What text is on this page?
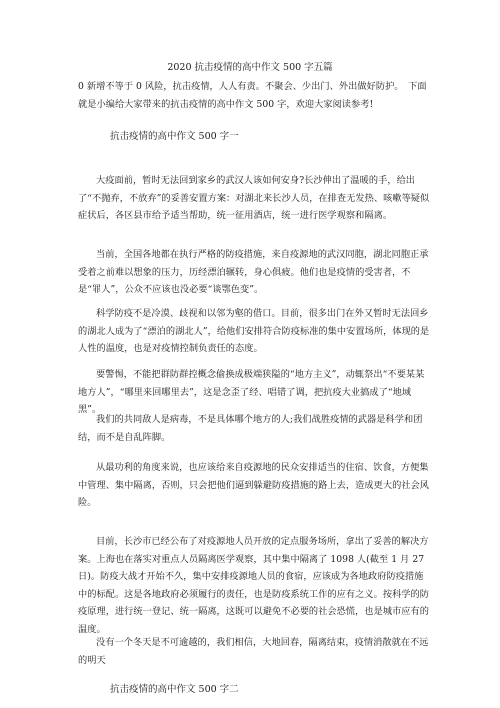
2020 抗击疫情的高中作文 500 字五篇

0 新增不等于 0 风险，抗击疫情，人人有责。不聚会、少出门、外出做好防护。　下面就是小编给大家带来的抗击疫情的高中作文 500 字，欢迎大家阅读参考!

抗击疫情的高中作文 500 字一

大疫面前，暂时无法回到家乡的武汉人该如何安身?长沙伸出了温暖的手，给出了“不抛弃，不放弃”的妥善安置方案：对湖北来长沙人员，在排查无发热、咳嗽等疑似症状后，各区县市给予适当帮助，统一征用酒店，统一进行医学观察和隔离。

当前，全国各地都在执行严格的防疫措施，来自疫源地的武汉同胞，湖北同胞正承受着之前难以想象的压力，历经漂泊辗转，身心俱疲。他们也是疫情的受害者，不是“罪人”，公众不应该也没必要“谈鄂色变”。

科学防疫不是冷漠、歧视和以邻为壑的借口。目前，很多出门在外又暂时无法回乡的湖北人成为了“漂泊的湖北人”，给他们安排符合防疫标准的集中安置场所，体现的是人性的温度，也是对疫情控制负责任的态度。

要警惕，不能把群防群控概念偷换成极端狭隘的“地方主义”，动辄祭出“不要某某地方人”，“哪里来回哪里去”，这是念歪了经、唱错了调，把抗疫大业搞成了“地域黑”。

我们的共同敌人是病毒，不是具体哪个地方的人;我们战胜疫情的武器是科学和团结，而不是自乱阵脚。

从最功利的角度来说，也应该给来自疫源地的民众安排适当的住宿、饮食，方便集中管理、集中隔离，否则，只会把他们逼到躲避防疫措施的路上去，造成更大的社会风险。

目前，长沙市已经公布了对疫源地人员开放的定点服务场所，拿出了妥善的解决方案。上海也在落实对重点人员隔离医学观察，其中集中隔离了 1098 人(截至 1 月 27 日)。防疫大战才开始不久，集中安排疫源地人员的食宿，应该成为各地政府防疫措施中的标配。这是各地政府必须履行的责任，也是防疫系统工作的应有之义。按科学的防疫原理，进行统一登记、统一隔离，这既可以避免不必要的社会恐慌，也是城市应有的温度。

没有一个冬天是不可逾越的，我们相信，大地回春，隔离结束，疫情消散就在不远的明天

抗击疫情的高中作文 500 字二
